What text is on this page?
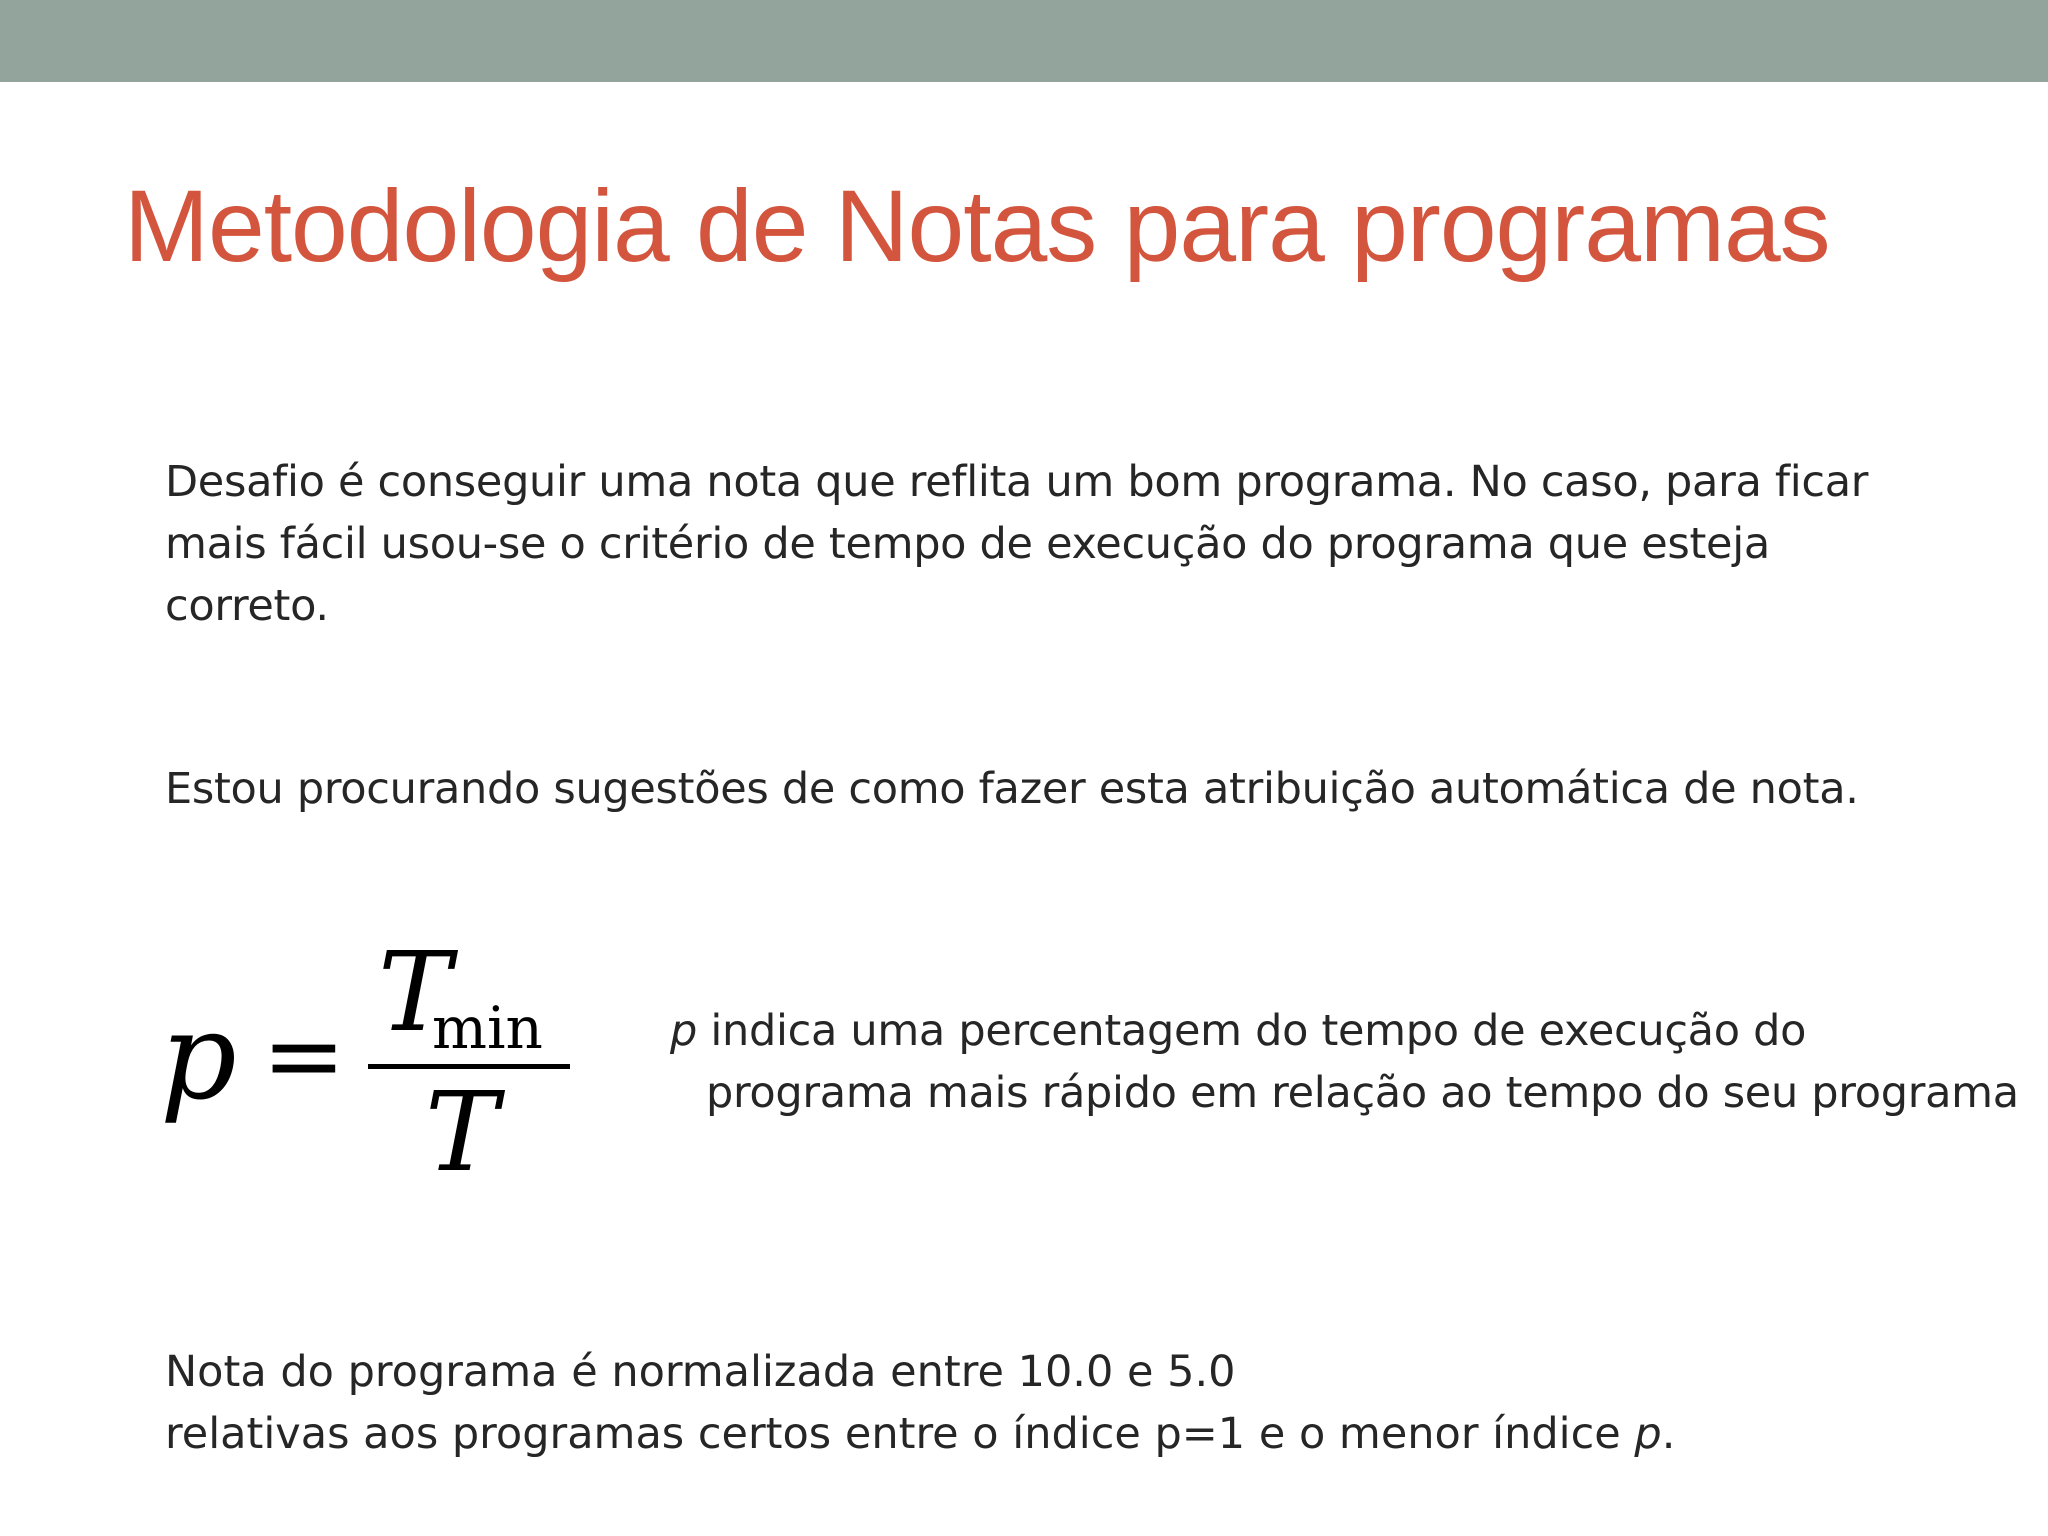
Metodologia de Notas para programas

Desafio é conseguir uma nota que reflita um bom programa. No caso, para ficar mais fácil usou-se o critério de tempo de execução do programa que esteja correto.

Estou procurando sugestões de como fazer esta atribuição automática de nota.

p = T
min
T

p indica uma percentagem do tempo de execução do
programa mais rápido em relação ao tempo do seu programa

Nota do programa é normalizada entre 10.0 e 5.0
relativas aos programas certos entre o índice p=1 e o menor índice p.
